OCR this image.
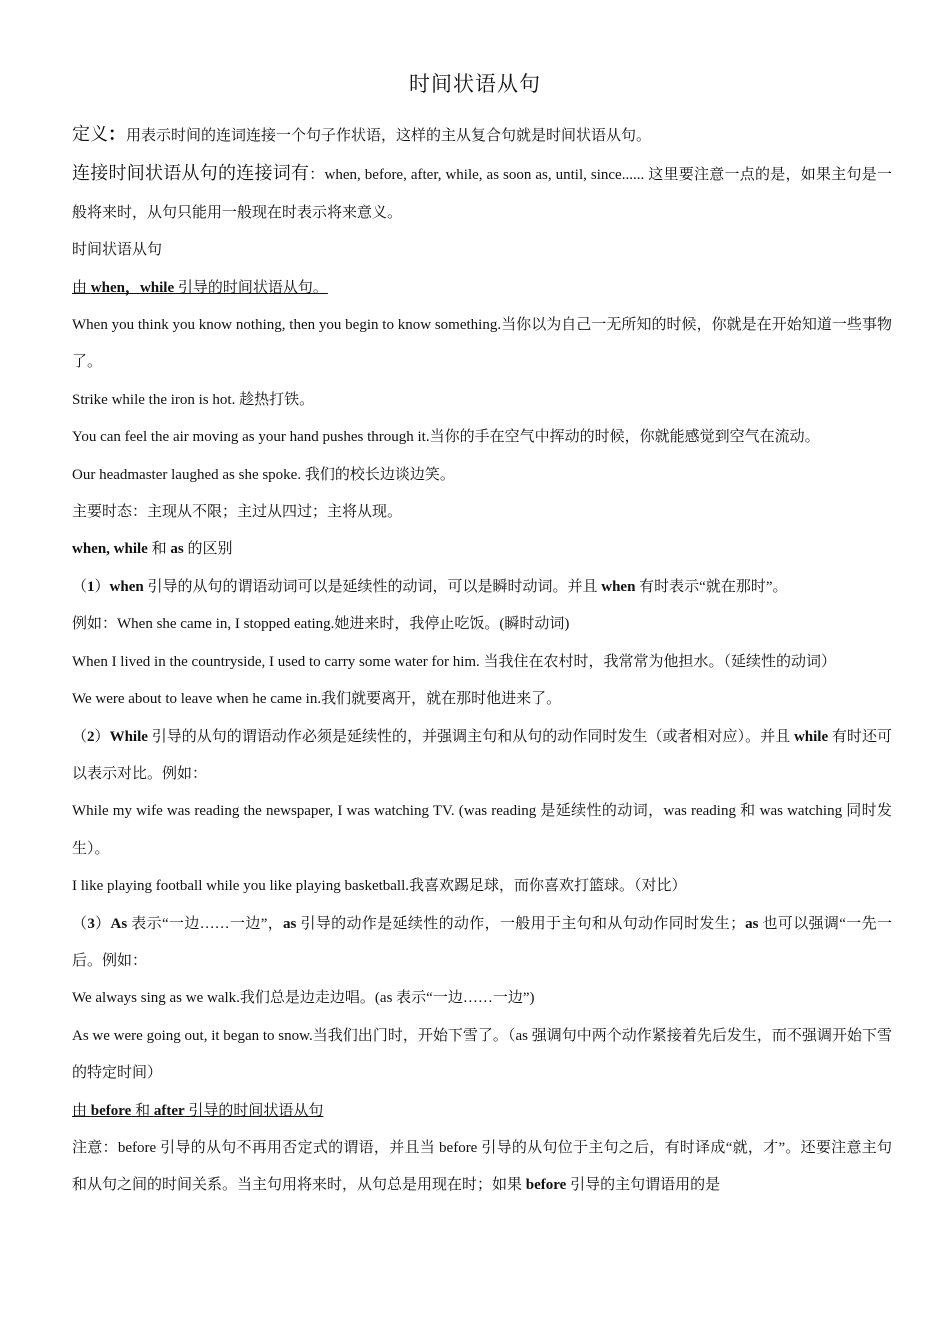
时间状语从句

定义：用表示时间的连词连接一个句子作状语，这样的主从复合句就是时间状语从句。

连接时间状语从句的连接词有：when, before, after, while, as soon as, until, since...... 这里要注意一点的是，如果主句是一般将来时，从句只能用一般现在时表示将来意义。

时间状语从句

由 when，while 引导的时间状语从句。

When you think you know nothing, then you begin to know something.当你以为自己一无所知的时候，你就是在开始知道一些事物了。

Strike while the iron is hot. 趁热打铁。

You can feel the air moving as your hand pushes through it.当你的手在空气中挥动的时候，你就能感觉到空气在流动。

Our headmaster laughed as she spoke. 我们的校长边谈边笑。

主要时态：主现从不限；主过从四过；主将从现。

when, while 和 as 的区别

（1）when 引导的从句的谓语动词可以是延续性的动词，可以是瞬时动词。并且 when 有时表示“就在那时”。

例如：When she came in, I stopped eating.她进来时，我停止吃饭。(瞬时动词)

When I lived in the countryside, I used to carry some water for him. 当我住在农村时，我常常为他担水。（延续性的动词）

We were about to leave when he came in.我们就要离开，就在那时他进来了。

（2）While 引导的从句的谓语动作必须是延续性的，并强调主句和从句的动作同时发生（或者相对应）。并且 while 有时还可以表示对比。例如：

While my wife was reading the newspaper, I was watching TV. (was reading 是延续性的动词，was reading 和 was watching 同时发生）。

I like playing football while you like playing basketball.我喜欢踢足球，而你喜欢打篮球。（对比）

（3）As 表示“一边……一边”，as 引导的动作是延续性的动作，一般用于主句和从句动作同时发生；as 也可以强调“一先一后。例如：

We always sing as we walk.我们总是边走边唱。(as 表示“一边……一边”)

As we were going out, it began to snow.当我们出门时，开始下雪了。（as 强调句中两个动作紧接着先后发生，而不强调开始下雪的特定时间）

由 before 和 after 引导的时间状语从句

注意：before 引导的从句不再用否定式的谓语，并且当 before 引导的从句位于主句之后，有时译成“就，才”。还要注意主句和从句之间的时间关系。当主句用将来时，从句总是用现在时；如果 before 引导的主句谓语用的是
